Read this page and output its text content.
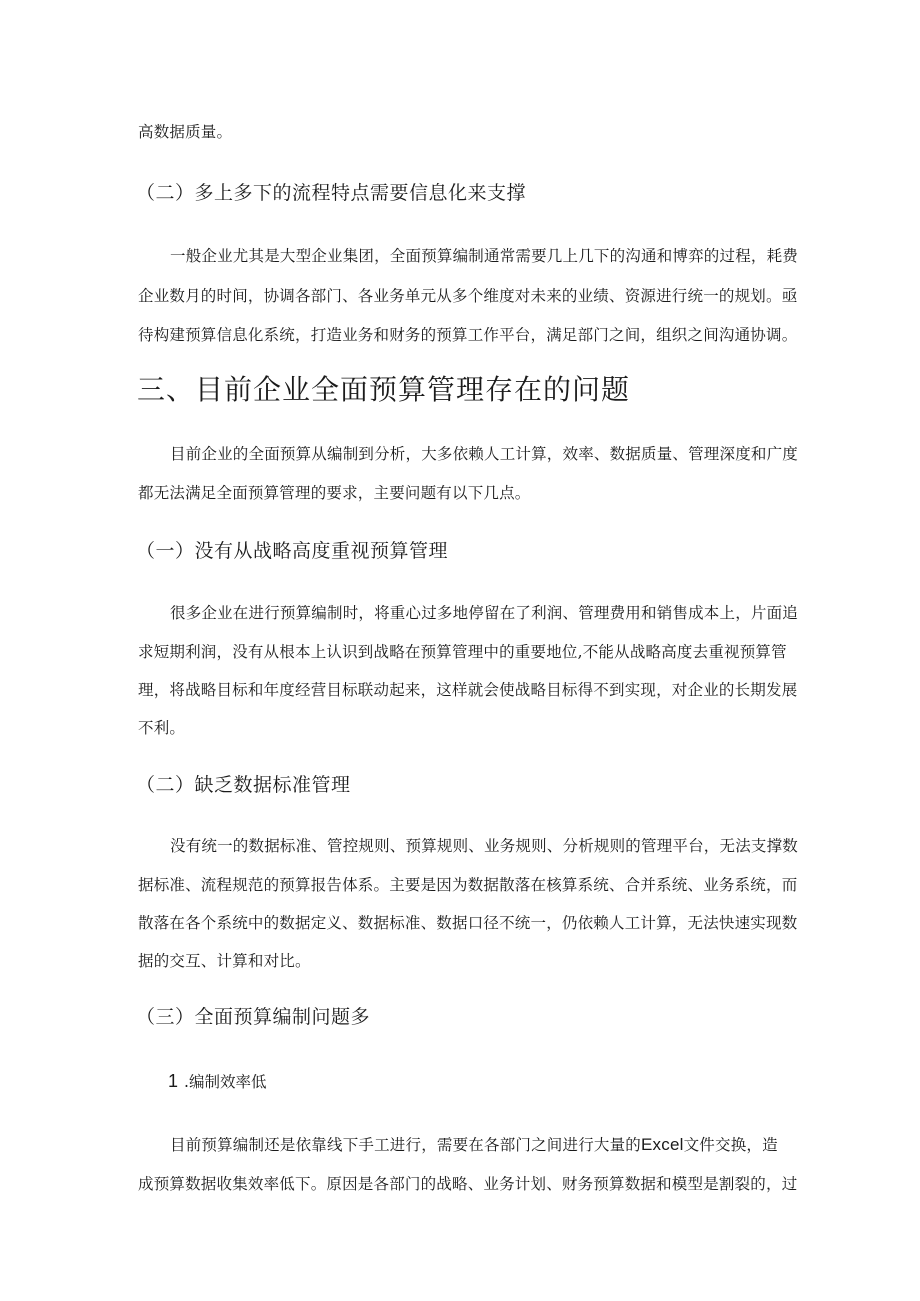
高数据质量。
（二）多上多下的流程特点需要信息化来支撑
一般企业尤其是大型企业集团，全面预算编制通常需要几上几下的沟通和博弈的过程，耗费
企业数月的时间，协调各部门、各业务单元从多个维度对未来的业绩、资源进行统一的规划。亟
待构建预算信息化系统，打造业务和财务的预算工作平台，满足部门之间，组织之间沟通协调。
三、目前企业全面预算管理存在的问题
目前企业的全面预算从编制到分析，大多依赖人工计算，效率、数据质量、管理深度和广度
都无法满足全面预算管理的要求，主要问题有以下几点。
（一）没有从战略高度重视预算管理
很多企业在进行预算编制时，将重心过多地停留在了利润、管理费用和销售成本上，片面追
求短期利润，没有从根本上认识到战略在预算管理中的重要地位,不能从战略高度去重视预算管
理，将战略目标和年度经营目标联动起来，这样就会使战略目标得不到实现，对企业的长期发展
不利。
（二）缺乏数据标准管理
没有统一的数据标准、管控规则、预算规则、业务规则、分析规则的管理平台，无法支撑数
据标准、流程规范的预算报告体系。主要是因为数据散落在核算系统、合并系统、业务系统，而
散落在各个系统中的数据定义、数据标准、数据口径不统一，仍依赖人工计算，无法快速实现数
据的交互、计算和对比。
（三）全面预算编制问题多
1 .编制效率低
目前预算编制还是依靠线下手工进行，需要在各部门之间进行大量的Excel文件交换，造
成预算数据收集效率低下。原因是各部门的战略、业务计划、财务预算数据和模型是割裂的，过
